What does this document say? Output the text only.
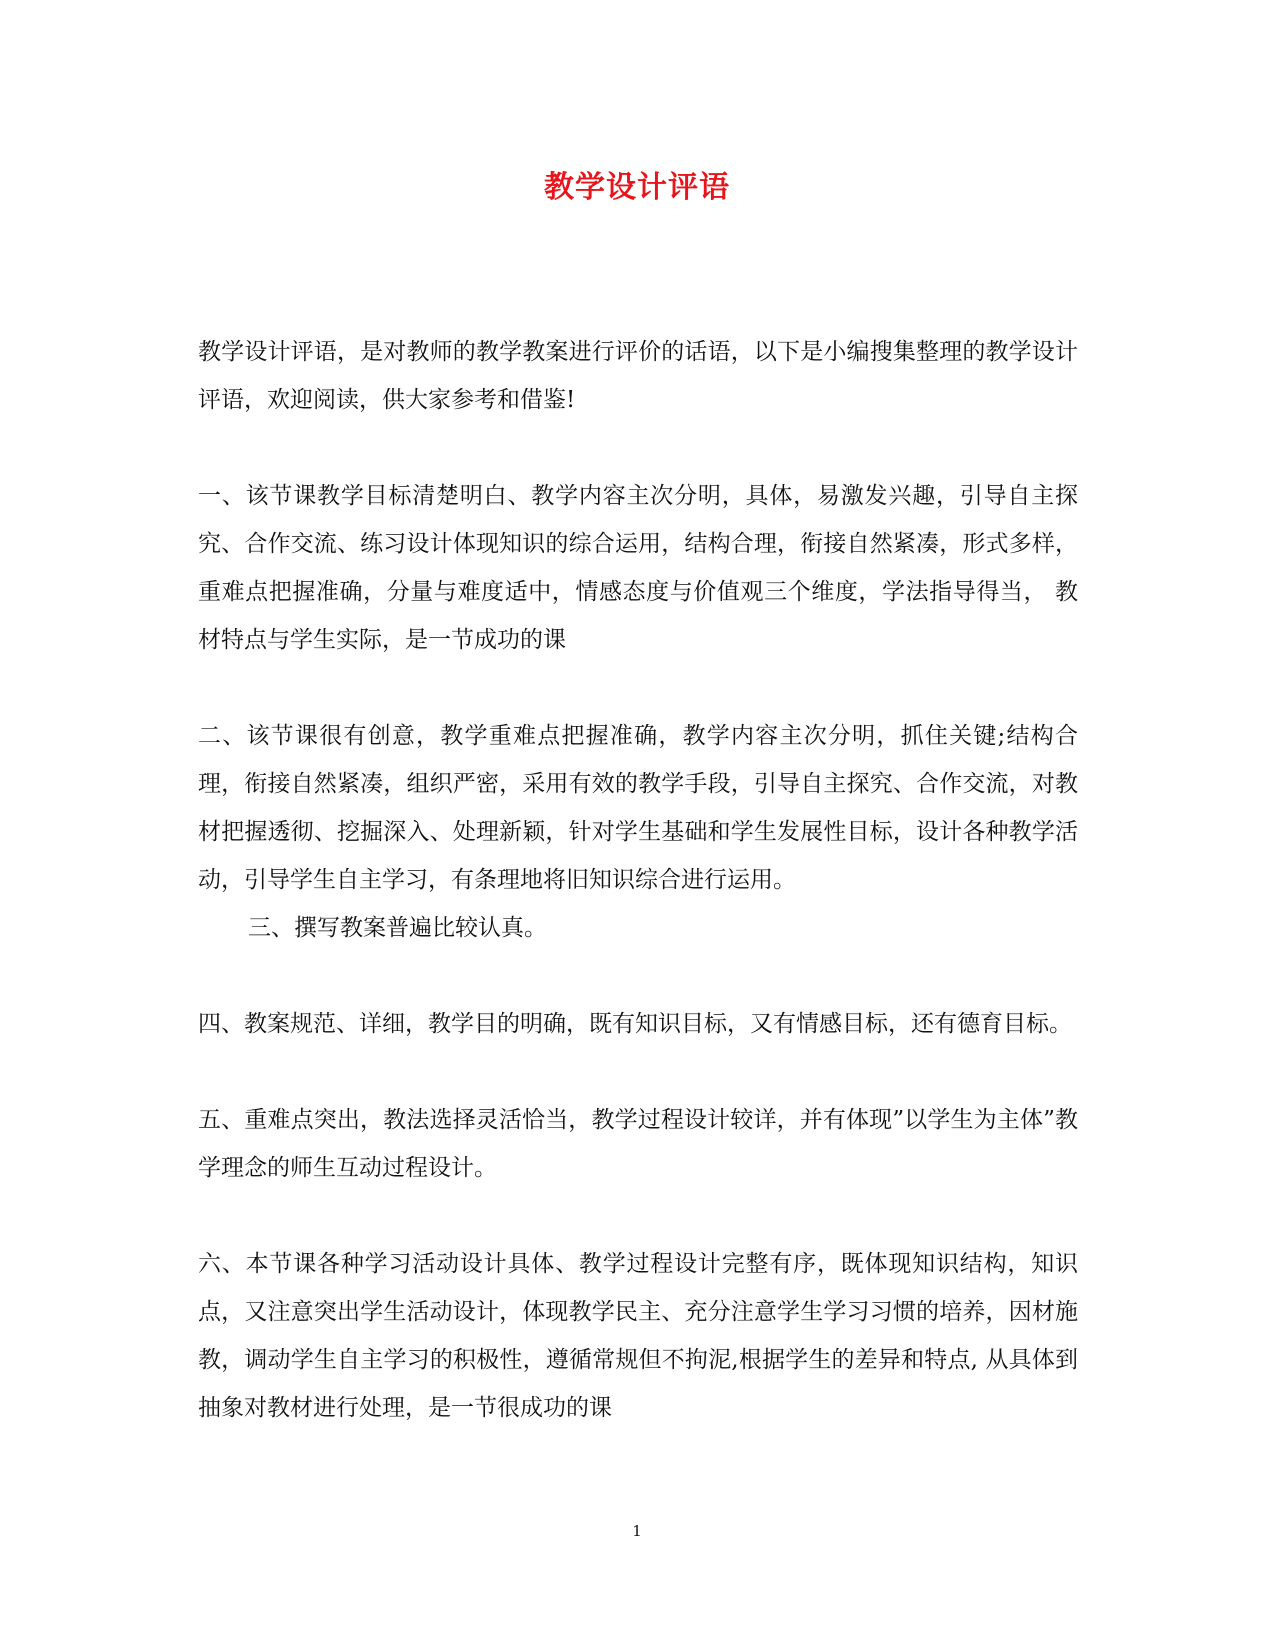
教学设计评语

教学设计评语，是对教师的教学教案进行评价的话语，以下是小编搜集整理的教学设计评语，欢迎阅读，供大家参考和借鉴!

一、该节课教学目标清楚明白、教学内容主次分明，具体，易激发兴趣，引导自主探究、合作交流、练习设计体现知识的综合运用，结构合理，衔接自然紧凑，形式多样，重难点把握准确，分量与难度适中，情感态度与价值观三个维度，学法指导得当， 教材特点与学生实际，是一节成功的课

二、该节课很有创意，教学重难点把握准确，教学内容主次分明，抓住关键;结构合理，衔接自然紧凑，组织严密，采用有效的教学手段，引导自主探究、合作交流，对教材把握透彻、挖掘深入、处理新颖，针对学生基础和学生发展性目标，设计各种教学活动，引导学生自主学习，有条理地将旧知识综合进行运用。

三、撰写教案普遍比较认真。

四、教案规范、详细，教学目的明确，既有知识目标，又有情感目标，还有德育目标。

五、重难点突出，教法选择灵活恰当，教学过程设计较详，并有体现”以学生为主体”教学理念的师生互动过程设计。

六、本节课各种学习活动设计具体、教学过程设计完整有序，既体现知识结构，知识点，又注意突出学生活动设计，体现教学民主、充分注意学生学习习惯的培养，因材施教，调动学生自主学习的积极性，遵循常规但不拘泥,根据学生的差异和特点, 从具体到抽象对教材进行处理，是一节很成功的课

1
